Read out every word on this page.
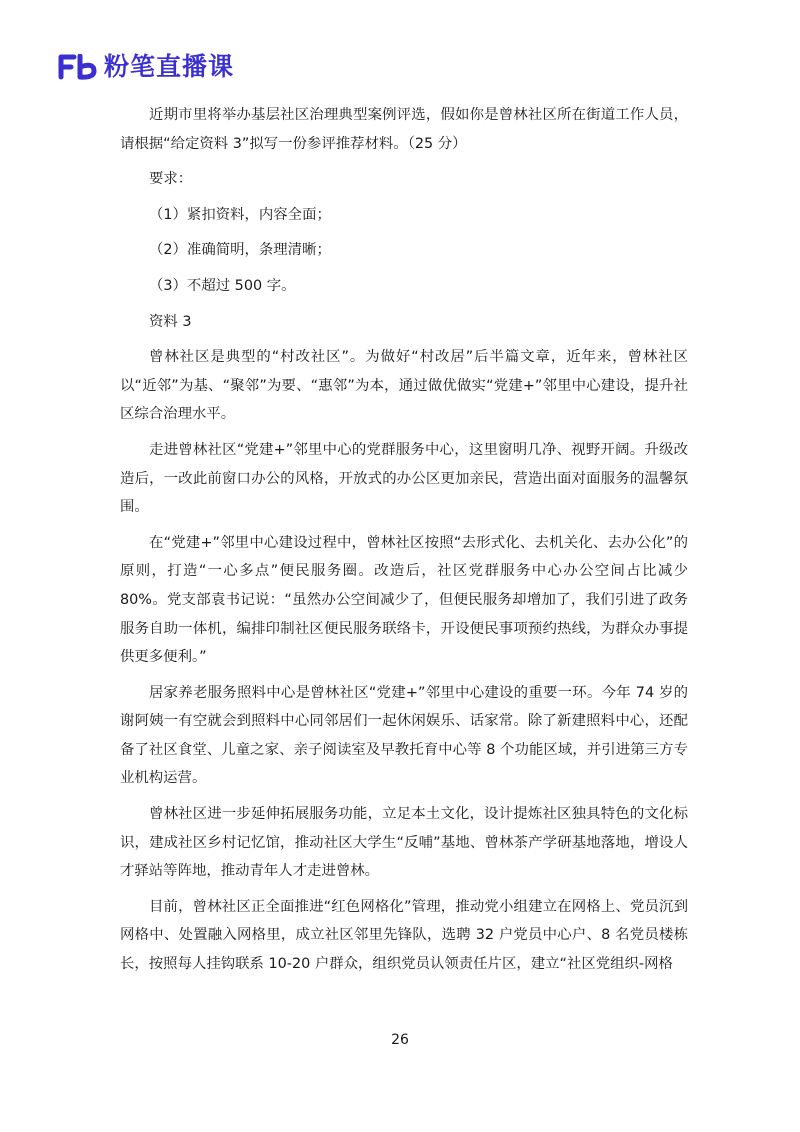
粉笔直播课

近期市里将举办基层社区治理典型案例评选，假如你是曾林社区所在街道工作人员，请根据“给定资料 3”拟写一份参评推荐材料。（25 分）

要求：

（1）紧扣资料，内容全面；

（2）准确简明，条理清晰；

（3）不超过 500 字。

资料 3

曾林社区是典型的“村改社区”。为做好“村改居”后半篇文章，近年来，曾林社区以“近邻”为基、“聚邻”为要、“惠邻”为本，通过做优做实“党建+”邻里中心建设，提升社区综合治理水平。

走进曾林社区“党建+”邻里中心的党群服务中心，这里窗明几净、视野开阔。升级改造后，一改此前窗口办公的风格，开放式的办公区更加亲民，营造出面对面服务的温馨氛围。

在“党建+”邻里中心建设过程中，曾林社区按照“去形式化、去机关化、去办公化”的原则，打造“一心多点”便民服务圈。改造后，社区党群服务中心办公空间占比减少 80%。党支部袁书记说：“虽然办公空间减少了，但便民服务却增加了，我们引进了政务服务自助一体机，编排印制社区便民服务联络卡，开设便民事项预约热线，为群众办事提供更多便利。”

居家养老服务照料中心是曾林社区“党建+”邻里中心建设的重要一环。今年 74 岁的谢阿姨一有空就会到照料中心同邻居们一起休闲娱乐、话家常。除了新建照料中心，还配备了社区食堂、儿童之家、亲子阅读室及早教托育中心等 8 个功能区域，并引进第三方专业机构运营。

曾林社区进一步延伸拓展服务功能，立足本土文化，设计提炼社区独具特色的文化标识，建成社区乡村记忆馆，推动社区大学生“反哺”基地、曾林茶产学研基地落地，增设人才驿站等阵地，推动青年人才走进曾林。

目前，曾林社区正全面推进“红色网格化”管理，推动党小组建立在网格上、党员沉到网格中、处置融入网格里，成立社区邻里先锋队，选聘 32 户党员中心户、8 名党员楼栋长，按照每人挂钩联系 10-20 户群众，组织党员认领责任片区，建立“社区党组织-网格

26
